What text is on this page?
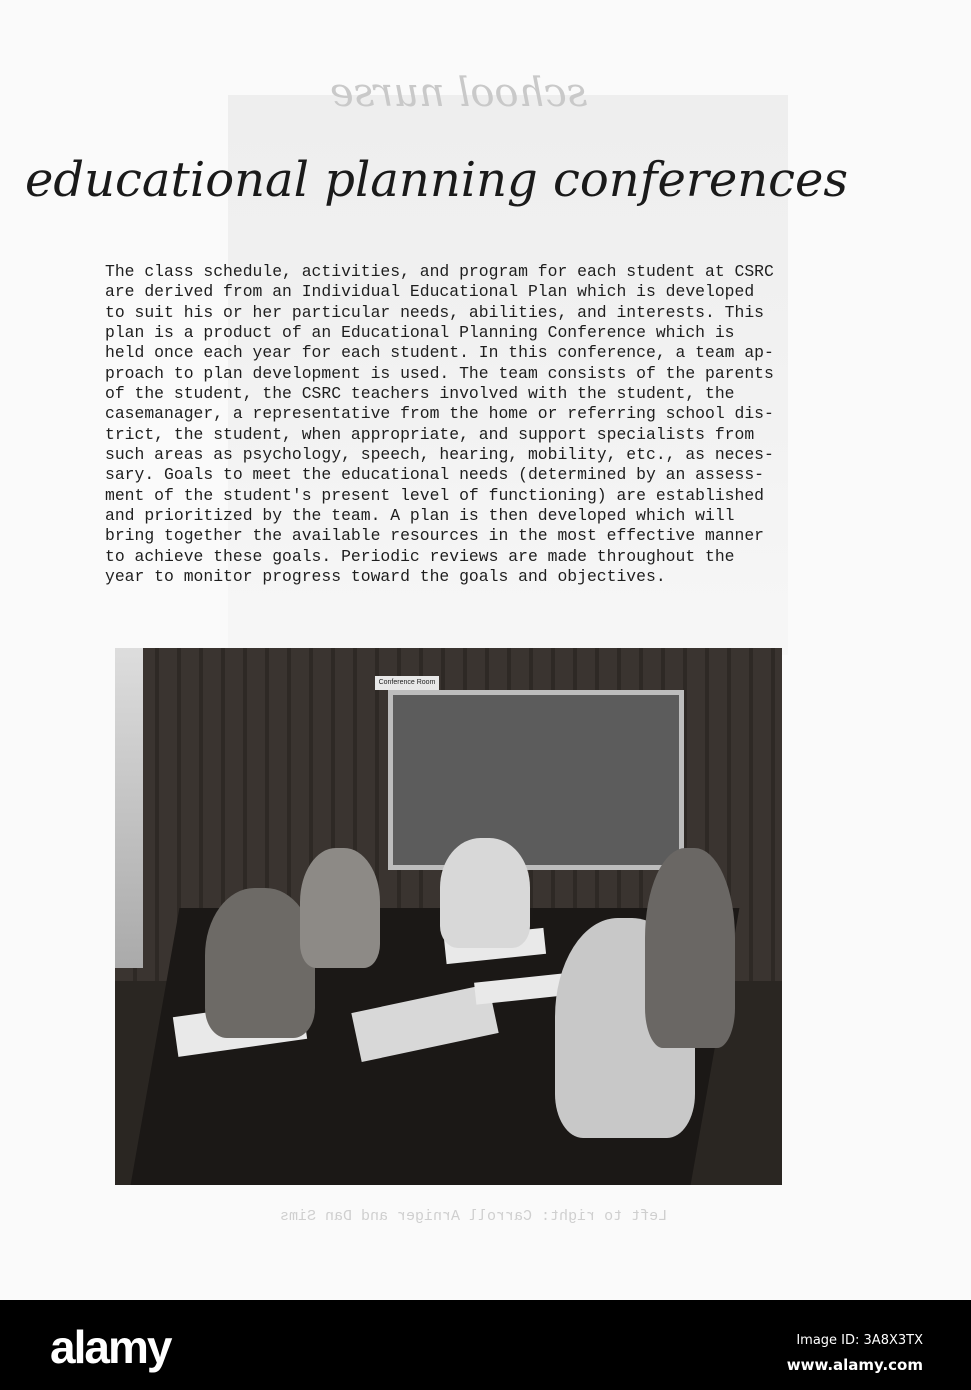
school nurse
educational planning conferences
The class schedule, activities, and program for each student at CSRC
are derived from an Individual Educational Plan which is developed
to suit his or her particular needs, abilities, and interests. This
plan is a product of an Educational Planning Conference which is
held once each year for each student. In this conference, a team ap-
proach to plan development is used. The team consists of the parents
of the student, the CSRC teachers involved with the student, the
casemanager, a representative from the home or referring school dis-
trict, the student, when appropriate, and support specialists from
such areas as psychology, speech, hearing, mobility, etc., as neces-
sary. Goals to meet the educational needs (determined by an assess-
ment of the student's present level of functioning) are established
and prioritized by the team. A plan is then developed which will
bring together the available resources in the most effective manner
to achieve these goals. Periodic reviews are made throughout the
year to monitor progress toward the goals and objectives.
Conference Room
Left to right: Carroll Arniger and Dan Sims
alamy	Image ID: 3A8X3TX
www.alamy.com
